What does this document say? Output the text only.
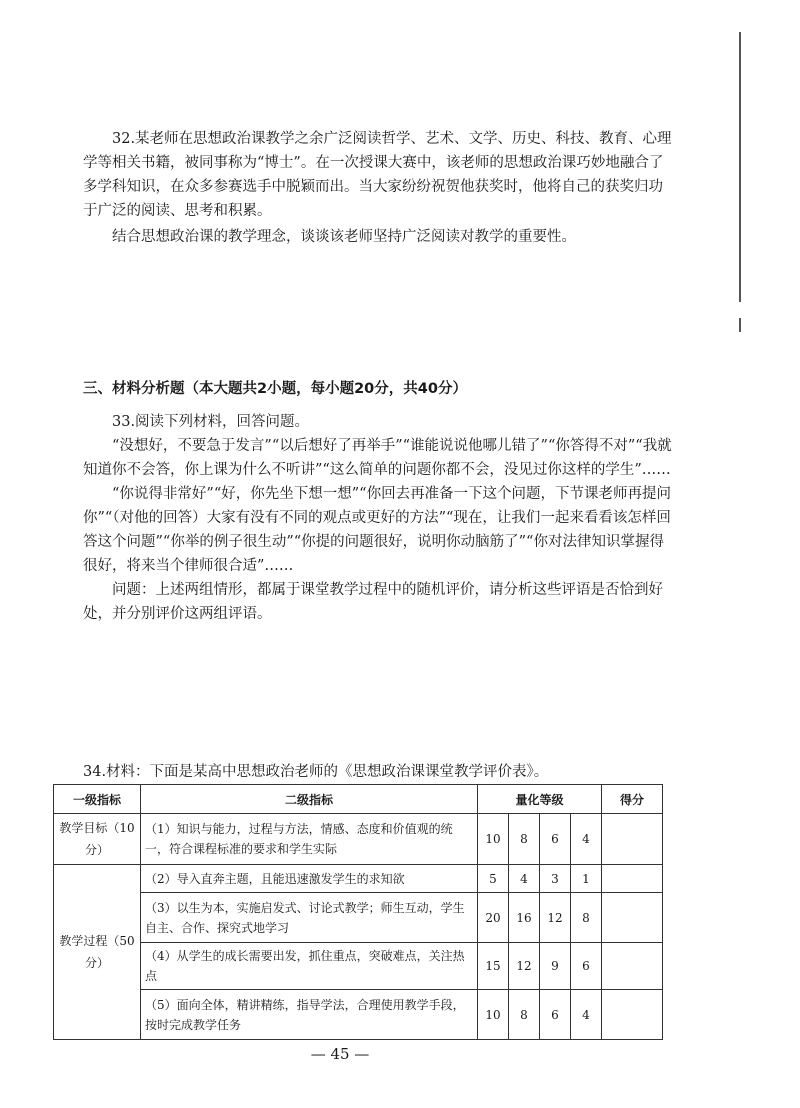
32.某老师在思想政治课教学之余广泛阅读哲学、艺术、文学、历史、科技、教育、心理学等相关书籍，被同事称为“博士”。在一次授课大赛中，该老师的思想政治课巧妙地融合了多学科知识，在众多参赛选手中脱颖而出。当大家纷纷祝贺他获奖时，他将自己的获奖归功于广泛的阅读、思考和积累。
结合思想政治课的教学理念，谈谈该老师坚持广泛阅读对教学的重要性。
三、材料分析题（本大题共2小题，每小题20分，共40分）
33.阅读下列材料，回答问题。
“没想好，不要急于发言”“以后想好了再举手”“谁能说说他哪儿错了”“你答得不对”“我就知道你不会答，你上课为什么不听讲”“这么简单的问题你都不会，没见过你这样的学生”……
“你说得非常好”“好，你先坐下想一想”“你回去再准备一下这个问题，下节课老师再提问你”“（对他的回答）大家有没有不同的观点或更好的方法”“现在，让我们一起来看看该怎样回答这个问题”“你举的例子很生动”“你提的问题很好，说明你动脑筋了”“你对法律知识掌握得很好，将来当个律师很合适”……
问题：上述两组情形，都属于课堂教学过程中的随机评价，请分析这些评语是否恰到好处，并分别评价这两组评语。
34.材料：下面是某高中思想政治老师的《思想政治课课堂教学评价表》。
一级指标	二级指标	量化等级				得分
教学目标（10分）	（1）知识与能力，过程与方法，情感、态度和价值观的统一，符合课程标准的要求和学生实际	10	8	6	4	
教学过程（50分）	（2）导入直奔主题，且能迅速激发学生的求知欲	5	4	3	1	
	（3）以生为本，实施启发式、讨论式教学；师生互动，学生自主、合作、探究式地学习	20	16	12	8	
	（4）从学生的成长需要出发，抓住重点，突破难点，关注热点	15	12	9	6	
	（5）面向全体，精讲精练，指导学法，合理使用教学手段，按时完成教学任务	10	8	6	4	
— 45 —
